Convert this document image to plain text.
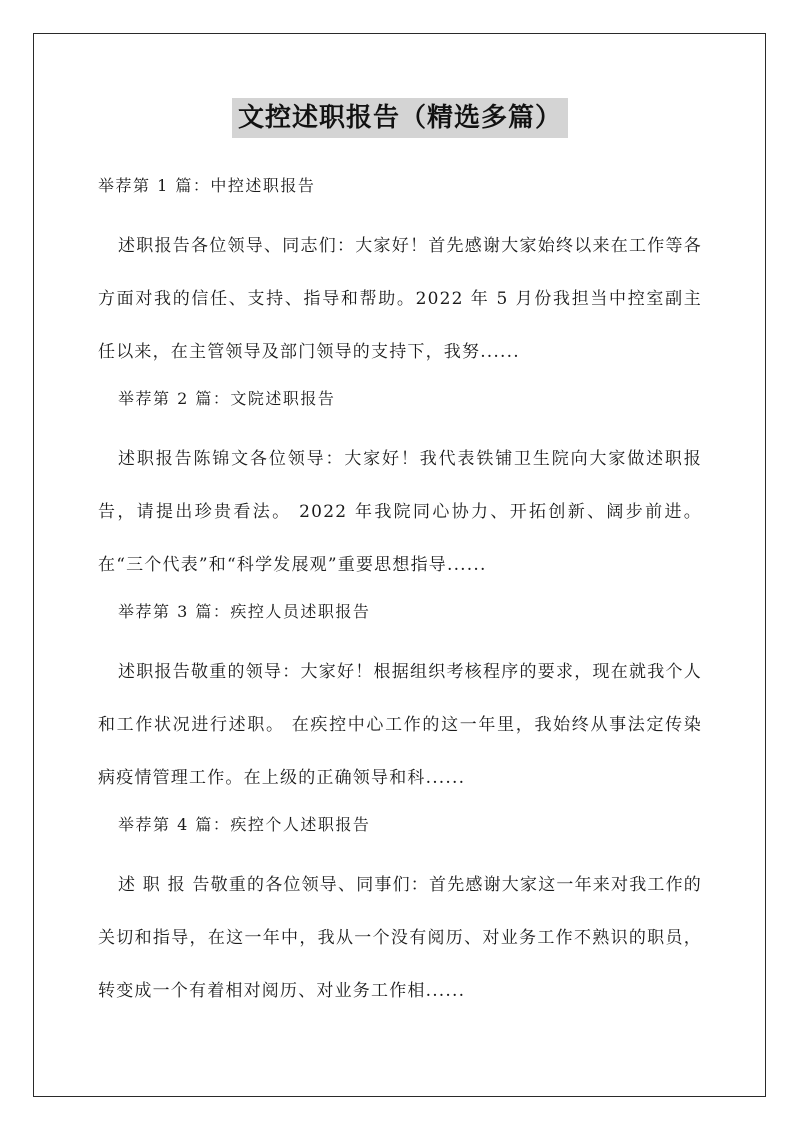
文控述职报告（精选多篇）

举荐第 1 篇：中控述职报告

述职报告各位领导、同志们：大家好！首先感谢大家始终以来在工作等各方面对我的信任、支持、指导和帮助。2022 年 5 月份我担当中控室副主任以来，在主管领导及部门领导的支持下，我努......

举荐第 2 篇：文院述职报告

述职报告陈锦文各位领导：大家好！我代表铁铺卫生院向大家做述职报告，请提出珍贵看法。 2022 年我院同心协力、开拓创新、阔步前进。在“三个代表”和“科学发展观”重要思想指导......

举荐第 3 篇：疾控人员述职报告

述职报告敬重的领导：大家好！根据组织考核程序的要求，现在就我个人和工作状况进行述职。 在疾控中心工作的这一年里，我始终从事法定传染病疫情管理工作。在上级的正确领导和科......

举荐第 4 篇：疾控个人述职报告

述 职 报 告敬重的各位领导、同事们：首先感谢大家这一年来对我工作的关切和指导，在这一年中，我从一个没有阅历、对业务工作不熟识的职员，转变成一个有着相对阅历、对业务工作相......
